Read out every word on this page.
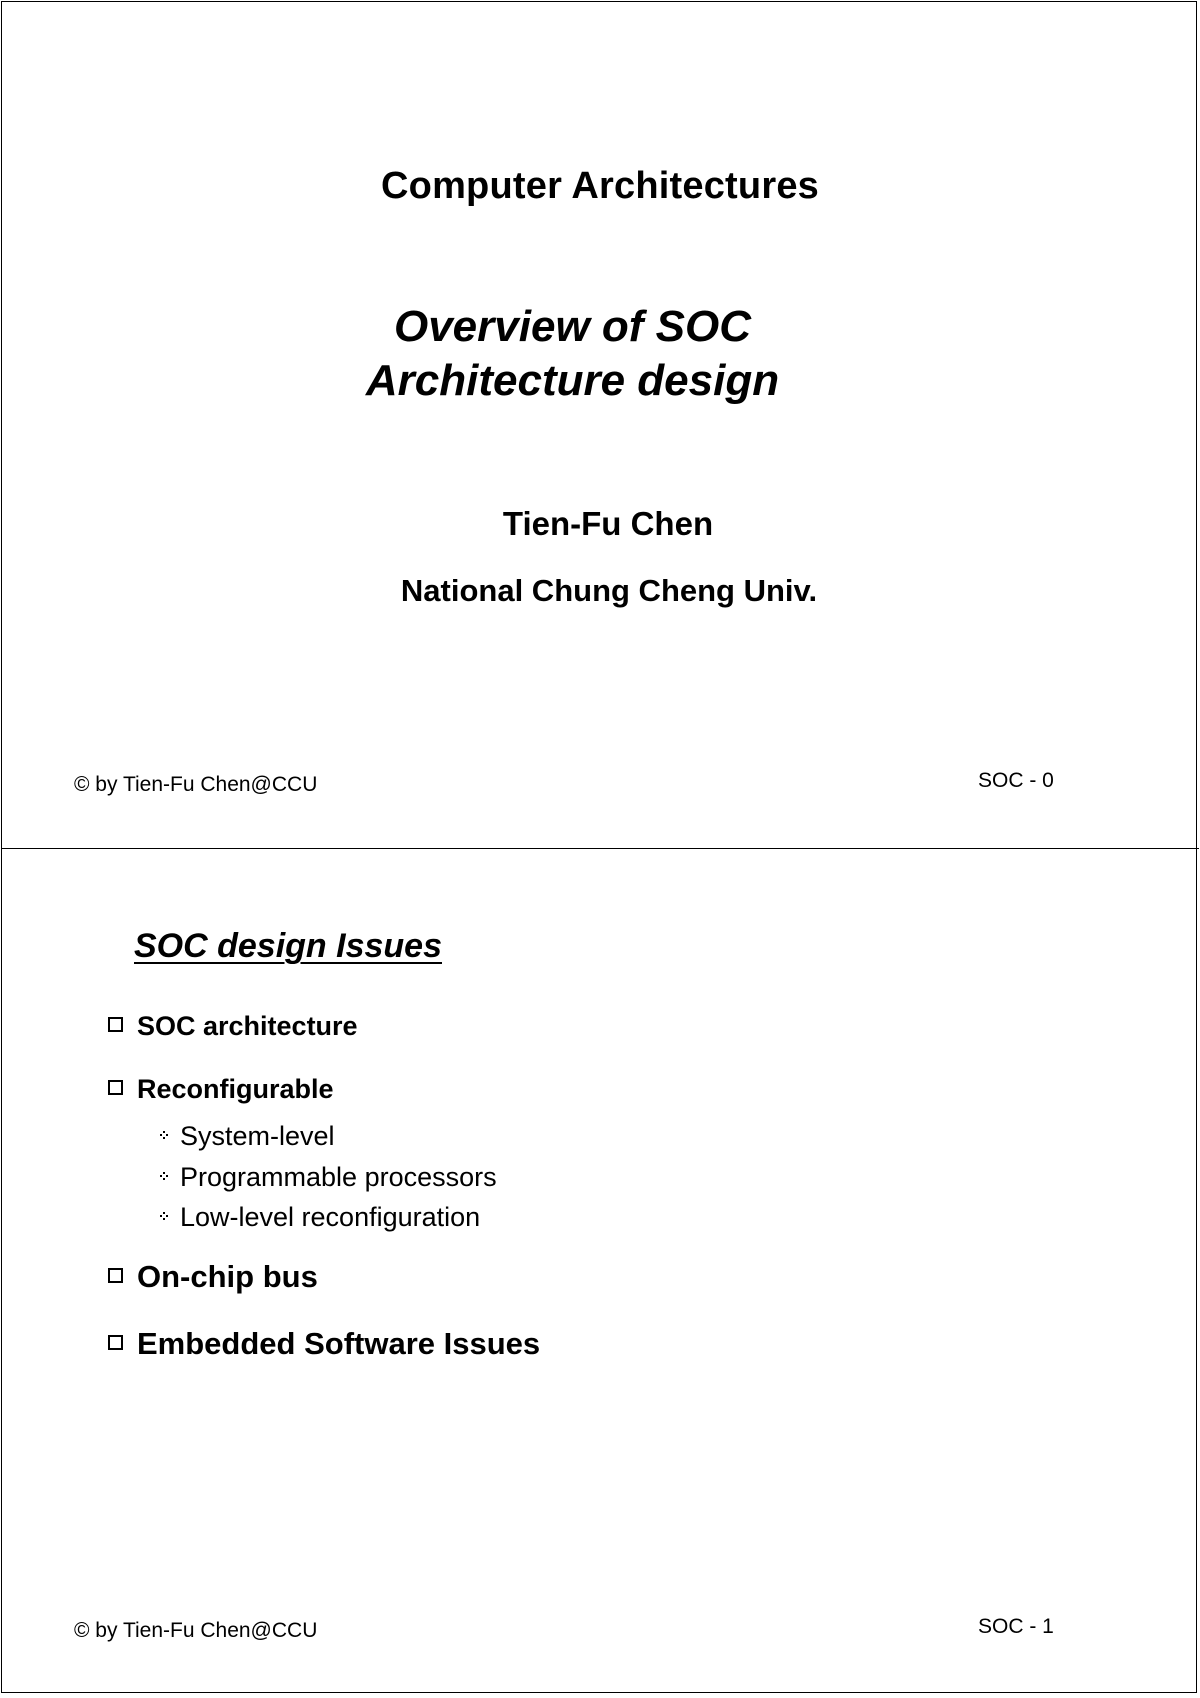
Computer Architectures
Overview of SOC
Architecture design
Tien-Fu Chen
National Chung Cheng Univ.
© by Tien-Fu Chen@CCU	SOC - 0
SOC design Issues
SOC architecture
Reconfigurable
On-chip bus
Embedded Software Issues
System-level
Programmable processors
Low-level reconfiguration
© by Tien-Fu Chen@CCU	SOC - 1
